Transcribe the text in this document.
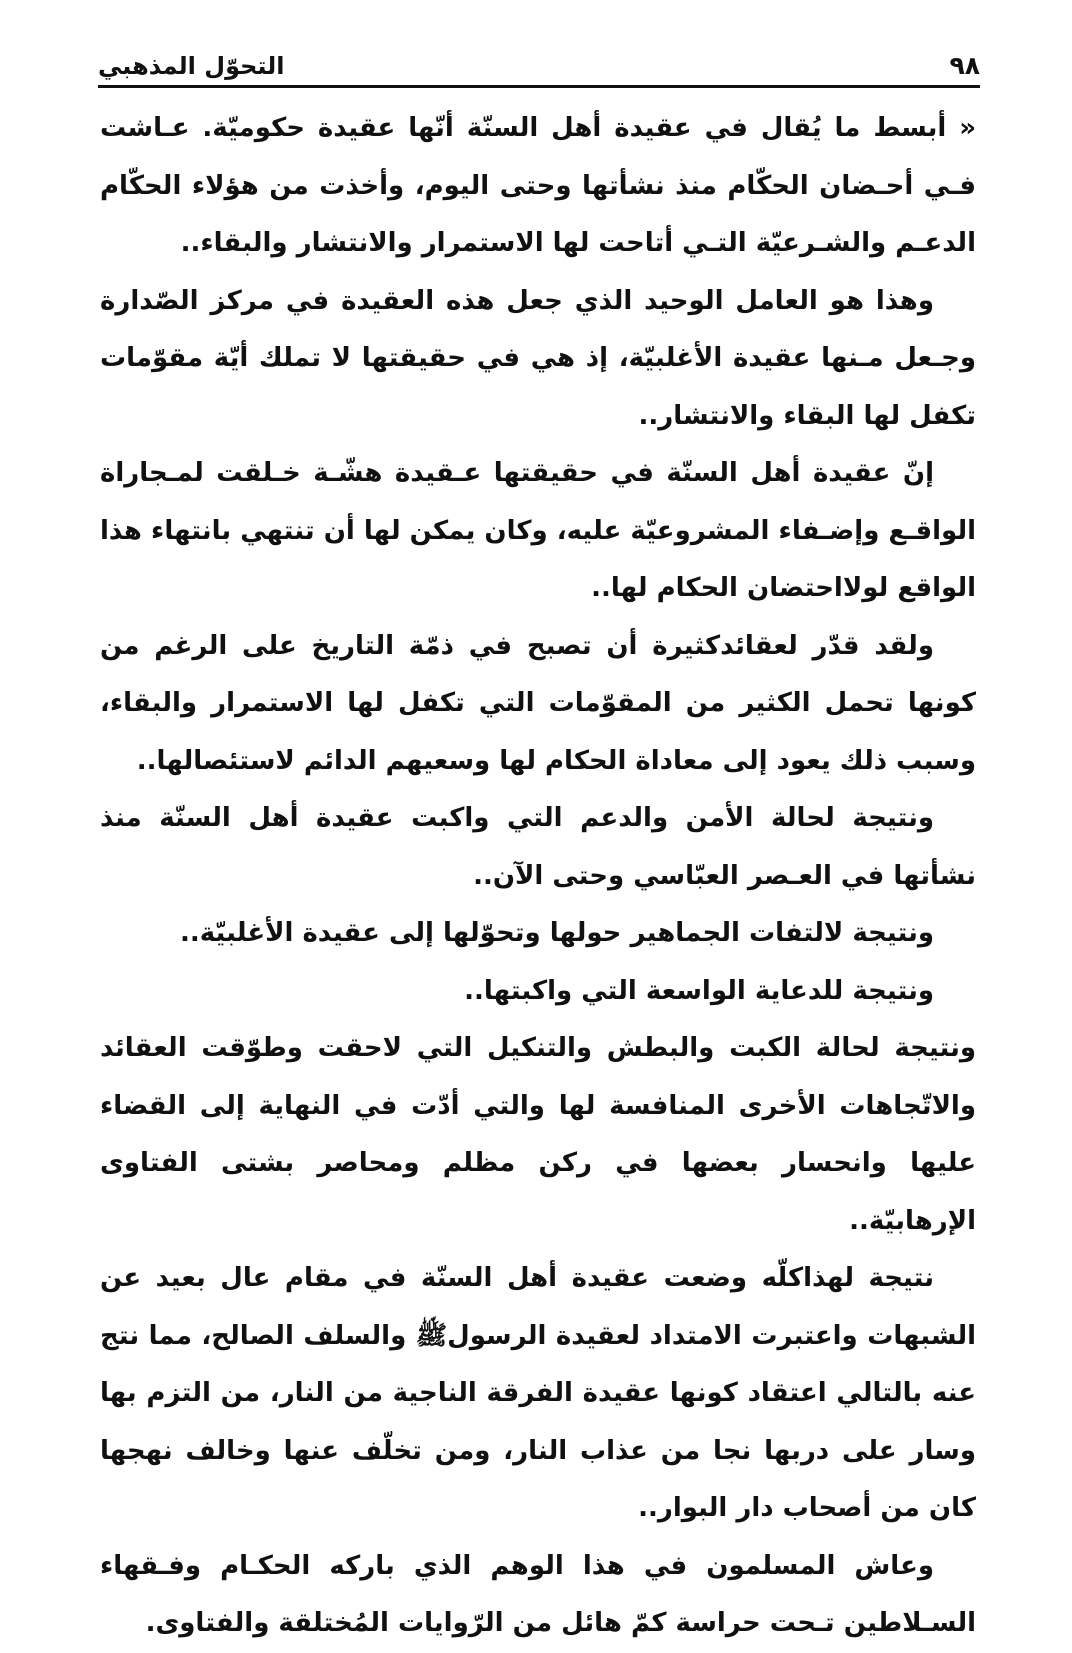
٩٨
التحوّل المذهبي

« أبسط ما يُقال في عقيدة أهل السنّة أنّها عقيدة حكوميّة. عـاشت فـي أحـضان الحكّام منذ نشأتها وحتى اليوم، وأخذت من هؤلاء الحكّام الدعـم والشـرعيّة التـي أتاحت لها الاستمرار والانتشار والبقاء..

وهذا هو العامل الوحيد الذي جعل هذه العقيدة في مركز الصّدارة وجـعل مـنها عقيدة الأغلبيّة، إذ هي في حقيقتها لا تملك أيّة مقوّمات تكفل لها البقاء والانتشار..

إنّ عقيدة أهل السنّة في حقيقتها عـقيدة هشّـة خـلقت لمـجاراة الواقـع وإضـفاء المشروعيّة عليه، وكان يمكن لها أن تنتهي بانتهاء هذا الواقع لولااحتضان الحكام لها..

ولقد قدّر لعقائدكثيرة أن تصبح في ذمّة التاريخ على الرغم من كونها تحمل الكثير من المقوّمات التي تكفل لها الاستمرار والبقاء، وسبب ذلك يعود إلى معاداة الحكام لها وسعيهم الدائم لاستئصالها..

ونتيجة لحالة الأمن والدعم التي واكبت عقيدة أهل السنّة منذ نشأتها في العـصر العبّاسي وحتى الآن..

ونتيجة لالتفات الجماهير حولها وتحوّلها إلى عقيدة الأغلبيّة..

ونتيجة للدعاية الواسعة التي واكبتها..

ونتيجة لحالة الكبت والبطش والتنكيل التي لاحقت وطوّقت العقائد والاتّجاهات الأخرى المنافسة لها والتي أدّت في النهاية إلى القضاء عليها وانحسار بعضها في ركن مظلم ومحاصر بشتى الفتاوى الإرهابيّة..

نتيجة لهذاكلّه وضعت عقيدة أهل السنّة في مقام عال بعيد عن الشبهات واعتبرت الامتداد لعقيدة الرسولﷺ والسلف الصالح، مما نتج عنه بالتالي اعتقاد كونها عقيدة الفرقة الناجية من النار، من التزم بها وسار على دربها نجا من عذاب النار، ومن تخلّف عنها وخالف نهجها كان من أصحاب دار البوار..

وعاش المسلمون في هذا الوهم الذي باركه الحكـام وفـقهاء السـلاطين تـحت حراسة كمّ هائل من الرّوايات المُختلقة والفتاوى.
